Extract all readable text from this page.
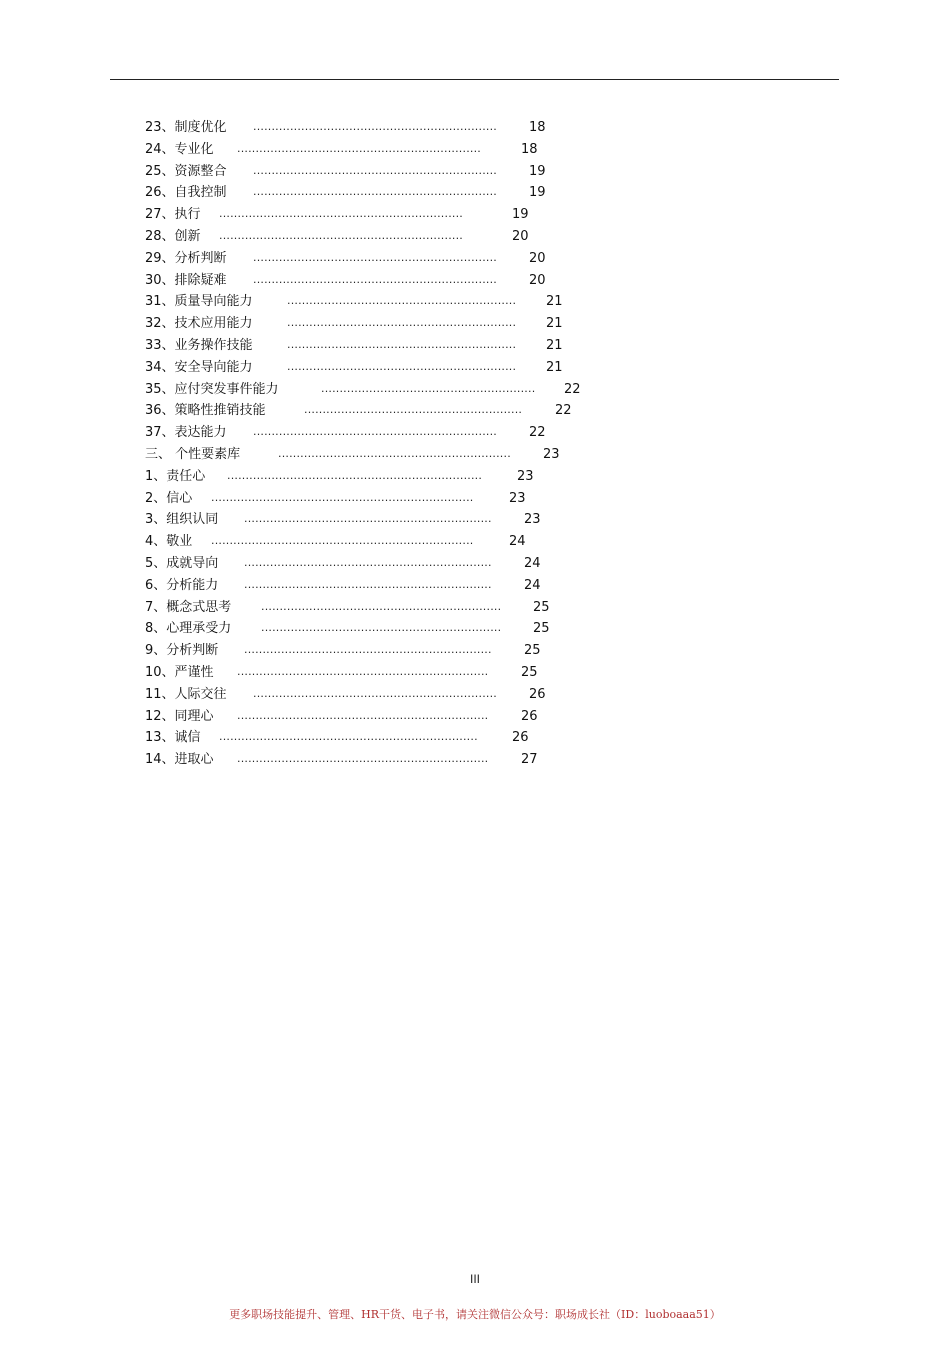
23、制度优化 ..................................................................	18
24、专业化 ..................................................................	18
25、资源整合 ..................................................................	19
26、自我控制 ..................................................................	19
27、执行 ..................................................................	19
28、创新 ..................................................................	20
29、分析判断 ..................................................................	20
30、排除疑难 ..................................................................	20
31、质量导向能力	..............................................................	21
32、技术应用能力	..............................................................	21
33、业务操作技能	..............................................................	21
34、安全导向能力	..............................................................	21
35、应付突发事件能力	..........................................................	22
36、策略性推销技能	...........................................................	22
37、表达能力 ..................................................................	22
三、 个性要素库	...............................................................	23
1、责任心 .....................................................................	23
2、信心 .......................................................................	23
3、组织认同 ...................................................................	23
4、敬业 .......................................................................	24
5、成就导向 ...................................................................	24
6、分析能力 ...................................................................	24
7、概念式思考	.................................................................	25
8、心理承受力	.................................................................	25
9、分析判断 ...................................................................	25
10、严谨性 ....................................................................	25
11、人际交往 ..................................................................	26
12、同理心 ....................................................................	26
13、诚信 ......................................................................	26
14、进取心 ....................................................................	27
III
更多职场技能提升、管理、HR干货、电子书，请关注微信公众号：职场成长社（ID：luoboaaa51）
